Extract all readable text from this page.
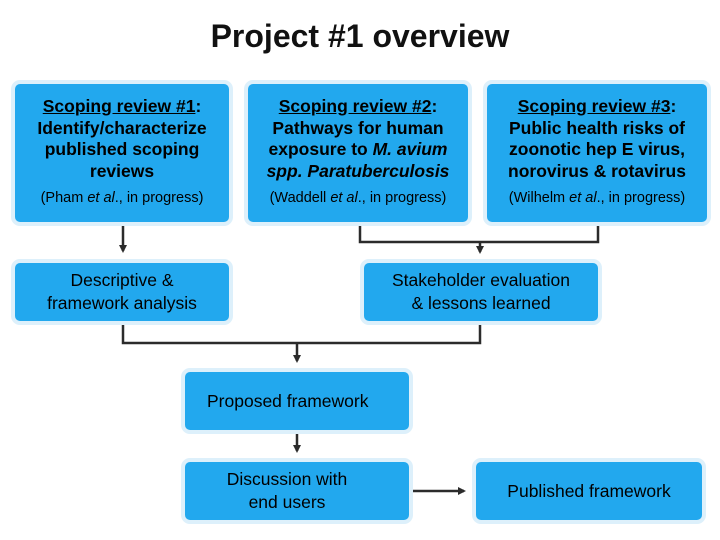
Project #1 overview
Scoping review #1:
Identify/characterize
published scoping
reviews
(Pham et al., in progress)
Scoping review #2:
Pathways for human
exposure to M. avium
spp. Paratuberculosis
(Waddell et al., in progress)
Scoping review #3:
Public health risks of
zoonotic hep E virus,
norovirus & rotavirus
(Wilhelm et al., in progress)
Descriptive &
framework analysis
Stakeholder evaluation
& lessons learned
Proposed framework
Discussion with
end users
Published framework
